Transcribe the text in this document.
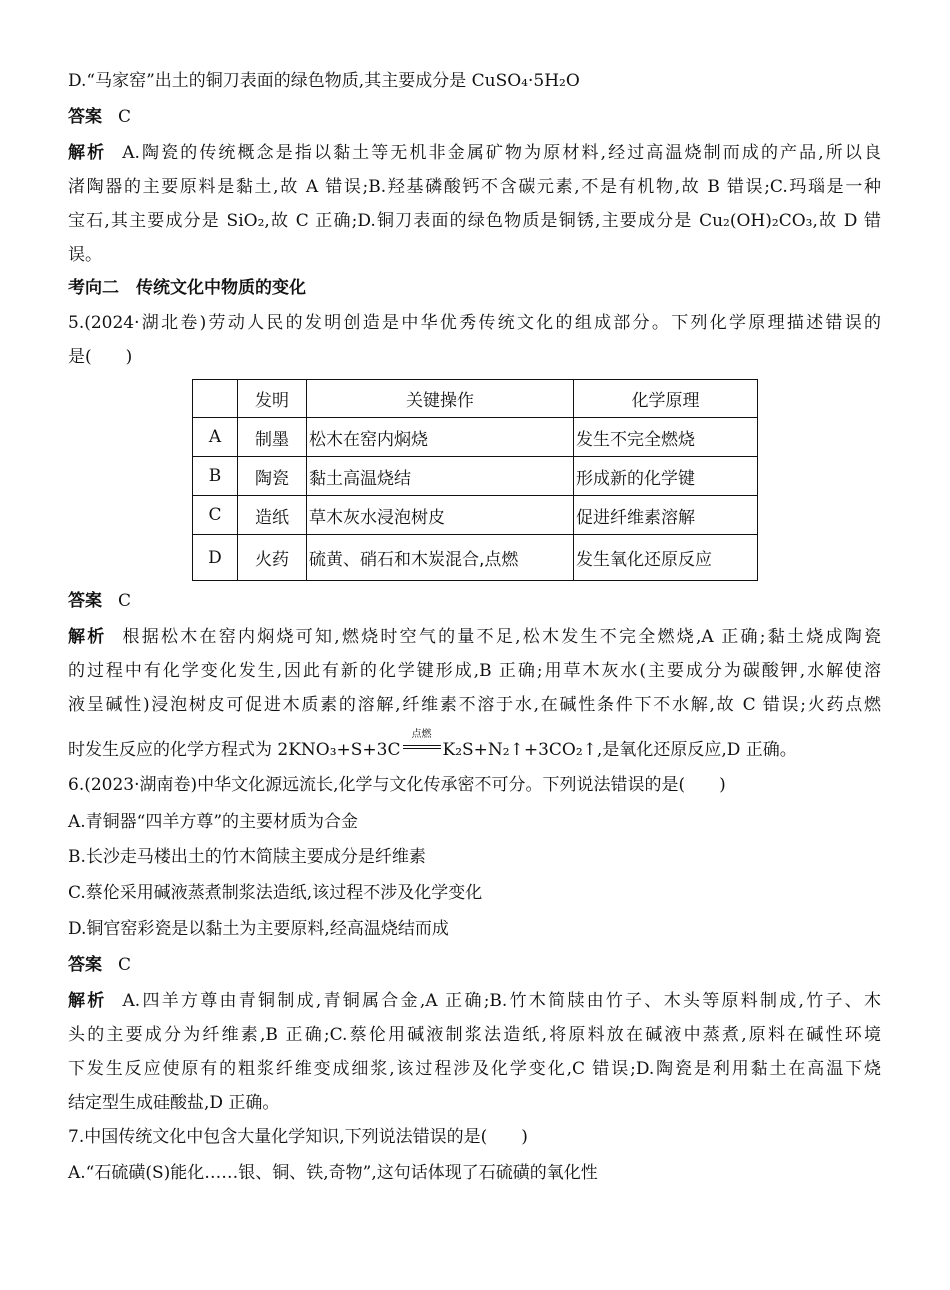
D.“马家窑”出土的铜刀表面的绿色物质,其主要成分是 CuSO₄·5H₂O
答案 C
解析 A.陶瓷的传统概念是指以黏土等无机非金属矿物为原材料,经过高温烧制而成的产品,所以良
渚陶器的主要原料是黏土,故 A 错误;B.羟基磷酸钙不含碳元素,不是有机物,故 B 错误;C.玛瑙是一种
宝石,其主要成分是 SiO₂,故 C 正确;D.铜刀表面的绿色物质是铜锈,主要成分是 Cu₂(OH)₂CO₃,故 D 错
误。
考向二　传统文化中物质的变化
5.(2024·湖北卷)劳动人民的发明创造是中华优秀传统文化的组成部分。下列化学原理描述错误的
是(　　)
	发明	关键操作	化学原理
A	制墨	松木在窑内焖烧	发生不完全燃烧
B	陶瓷	黏土高温烧结	形成新的化学键
C	造纸	草木灰水浸泡树皮	促进纤维素溶解
D	火药	硫黄、硝石和木炭混合,点燃	发生氧化还原反应
答案 C
解析 根据松木在窑内焖烧可知,燃烧时空气的量不足,松木发生不完全燃烧,A 正确;黏土烧成陶瓷
的过程中有化学变化发生,因此有新的化学键形成,B 正确;用草木灰水(主要成分为碳酸钾,水解使溶
液呈碱性)浸泡树皮可促进木质素的溶解,纤维素不溶于水,在碱性条件下不水解,故 C 错误;火药点燃
时发生反应的化学方程式为 2KNO₃+S+3C
点燃
K₂S+N₂↑+3CO₂↑,是氧化还原反应,D 正确。
6.(2023·湖南卷)中华文化源远流长,化学与文化传承密不可分。下列说法错误的是(　　)
A.青铜器“四羊方尊”的主要材质为合金
B.长沙走马楼出土的竹木简牍主要成分是纤维素
C.蔡伦采用碱液蒸煮制浆法造纸,该过程不涉及化学变化
D.铜官窑彩瓷是以黏土为主要原料,经高温烧结而成
答案 C
解析 A.四羊方尊由青铜制成,青铜属合金,A 正确;B.竹木简牍由竹子、木头等原料制成,竹子、木
头的主要成分为纤维素,B 正确;C.蔡伦用碱液制浆法造纸,将原料放在碱液中蒸煮,原料在碱性环境
下发生反应使原有的粗浆纤维变成细浆,该过程涉及化学变化,C 错误;D.陶瓷是利用黏土在高温下烧
结定型生成硅酸盐,D 正确。
7.中国传统文化中包含大量化学知识,下列说法错误的是(　　)
A.“石硫磺(S)能化……银、铜、铁,奇物”,这句话体现了石硫磺的氧化性
